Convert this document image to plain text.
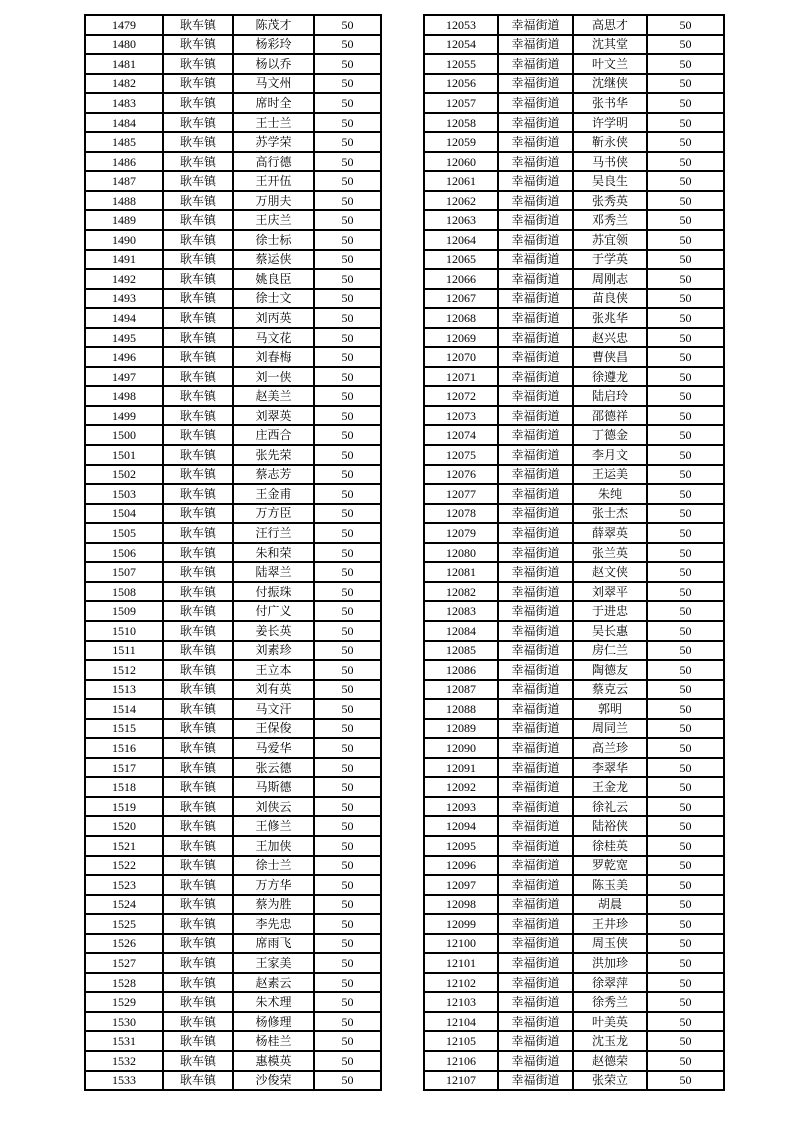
1479	耿车镇	陈茂才	50
1480	耿车镇	杨彩玲	50
1481	耿车镇	杨以乔	50
1482	耿车镇	马文州	50
1483	耿车镇	席时全	50
1484	耿车镇	王士兰	50
1485	耿车镇	苏学荣	50
1486	耿车镇	高行德	50
1487	耿车镇	王开伍	50
1488	耿车镇	万朋夫	50
1489	耿车镇	王庆兰	50
1490	耿车镇	徐士标	50
1491	耿车镇	蔡运侠	50
1492	耿车镇	姚良臣	50
1493	耿车镇	徐士文	50
1494	耿车镇	刘丙英	50
1495	耿车镇	马文花	50
1496	耿车镇	刘春梅	50
1497	耿车镇	刘一侠	50
1498	耿车镇	赵美兰	50
1499	耿车镇	刘翠英	50
1500	耿车镇	庄西合	50
1501	耿车镇	张先荣	50
1502	耿车镇	蔡志芳	50
1503	耿车镇	王金甫	50
1504	耿车镇	万方臣	50
1505	耿车镇	汪行兰	50
1506	耿车镇	朱和荣	50
1507	耿车镇	陆翠兰	50
1508	耿车镇	付振珠	50
1509	耿车镇	付广义	50
1510	耿车镇	姜长英	50
1511	耿车镇	刘素珍	50
1512	耿车镇	王立本	50
1513	耿车镇	刘有英	50
1514	耿车镇	马文汗	50
1515	耿车镇	王保俊	50
1516	耿车镇	马爱华	50
1517	耿车镇	张云德	50
1518	耿车镇	马斯德	50
1519	耿车镇	刘侠云	50
1520	耿车镇	王修兰	50
1521	耿车镇	王加侠	50
1522	耿车镇	徐士兰	50
1523	耿车镇	万方华	50
1524	耿车镇	蔡为胜	50
1525	耿车镇	李先忠	50
1526	耿车镇	席雨飞	50
1527	耿车镇	王家美	50
1528	耿车镇	赵素云	50
1529	耿车镇	朱术理	50
1530	耿车镇	杨修理	50
1531	耿车镇	杨桂兰	50
1532	耿车镇	惠模英	50
1533	耿车镇	沙俊荣	50
12053	幸福街道	高思才	50
12054	幸福街道	沈其堂	50
12055	幸福街道	叶文兰	50
12056	幸福街道	沈继侠	50
12057	幸福街道	张书华	50
12058	幸福街道	许学明	50
12059	幸福街道	靳永侠	50
12060	幸福街道	马书侠	50
12061	幸福街道	吴良生	50
12062	幸福街道	张秀英	50
12063	幸福街道	邓秀兰	50
12064	幸福街道	苏宜领	50
12065	幸福街道	于学英	50
12066	幸福街道	周刚志	50
12067	幸福街道	苗良侠	50
12068	幸福街道	张兆华	50
12069	幸福街道	赵兴忠	50
12070	幸福街道	曹侠昌	50
12071	幸福街道	徐遵龙	50
12072	幸福街道	陆启玲	50
12073	幸福街道	邵德祥	50
12074	幸福街道	丁德金	50
12075	幸福街道	李月文	50
12076	幸福街道	王运美	50
12077	幸福街道	朱纯	50
12078	幸福街道	张士杰	50
12079	幸福街道	薛翠英	50
12080	幸福街道	张兰英	50
12081	幸福街道	赵文侠	50
12082	幸福街道	刘翠平	50
12083	幸福街道	于进忠	50
12084	幸福街道	吴长惠	50
12085	幸福街道	房仁兰	50
12086	幸福街道	陶德友	50
12087	幸福街道	蔡克云	50
12088	幸福街道	郭明	50
12089	幸福街道	周同兰	50
12090	幸福街道	高兰珍	50
12091	幸福街道	李翠华	50
12092	幸福街道	王金龙	50
12093	幸福街道	徐礼云	50
12094	幸福街道	陆裕侠	50
12095	幸福街道	徐桂英	50
12096	幸福街道	罗乾宽	50
12097	幸福街道	陈玉美	50
12098	幸福街道	胡晨	50
12099	幸福街道	王井珍	50
12100	幸福街道	周玉侠	50
12101	幸福街道	洪加珍	50
12102	幸福街道	徐翠萍	50
12103	幸福街道	徐秀兰	50
12104	幸福街道	叶美英	50
12105	幸福街道	沈玉龙	50
12106	幸福街道	赵德荣	50
12107	幸福街道	张荣立	50
